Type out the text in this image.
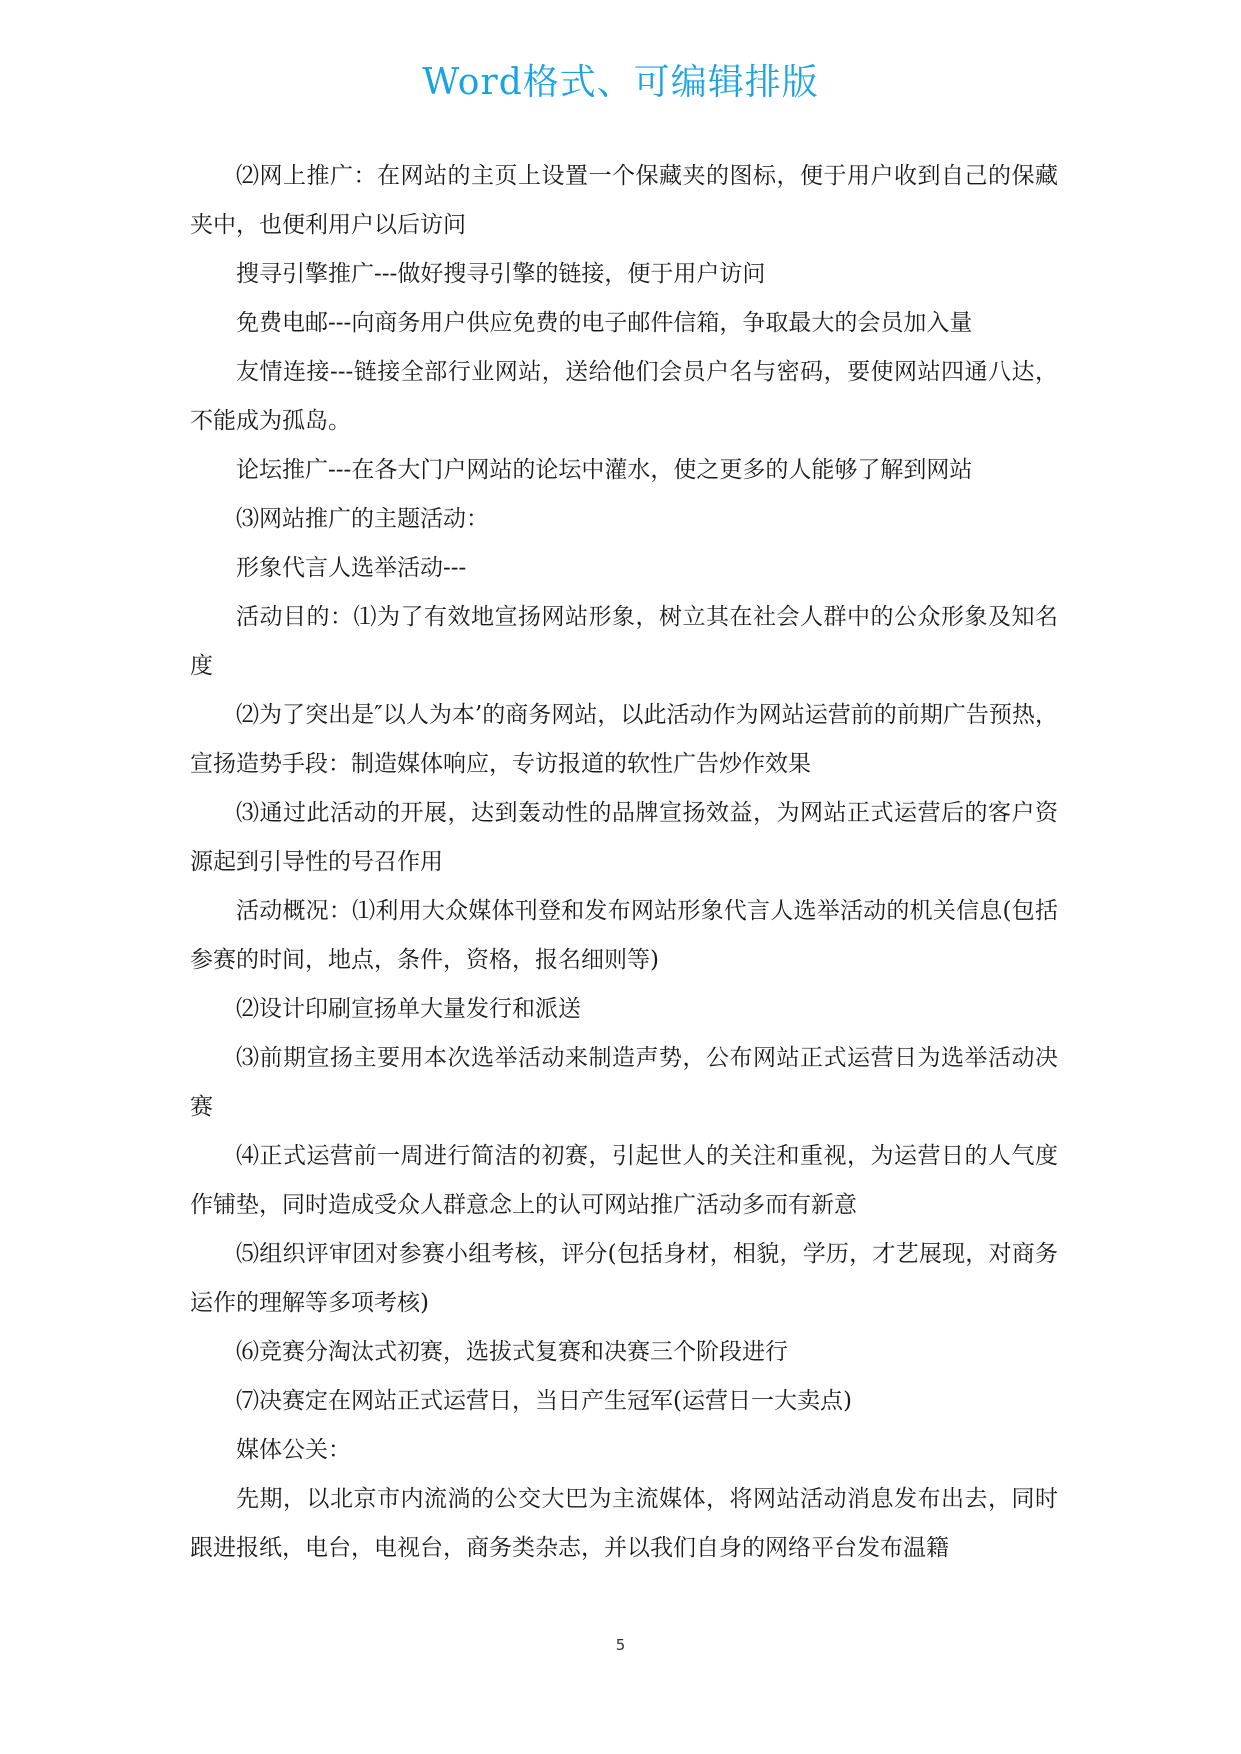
Word格式、可编辑排版

⑵网上推广：在网站的主页上设置一个保藏夹的图标，便于用户收到自己的保藏夹中，也便利用户以后访问

搜寻引擎推广---做好搜寻引擎的链接，便于用户访问

免费电邮---向商务用户供应免费的电子邮件信箱，争取最大的会员加入量

友情连接---链接全部行业网站，送给他们会员户名与密码，要使网站四通八达，不能成为孤岛。

论坛推广---在各大门户网站的论坛中灌水，使之更多的人能够了解到网站

⑶网站推广的主题活动：

形象代言人选举活动---

活动目的：⑴为了有效地宣扬网站形象，树立其在社会人群中的公众形象及知名度

⑵为了突出是″以人为本’的商务网站，以此活动作为网站运营前的前期广告预热，宣扬造势手段：制造媒体响应，专访报道的软性广告炒作效果

⑶通过此活动的开展，达到轰动性的品牌宣扬效益，为网站正式运营后的客户资源起到引导性的号召作用

活动概况：⑴利用大众媒体刊登和发布网站形象代言人选举活动的机关信息(包括参赛的时间，地点，条件，资格，报名细则等)

⑵设计印刷宣扬单大量发行和派送

⑶前期宣扬主要用本次选举活动来制造声势，公布网站正式运营日为选举活动决赛

⑷正式运营前一周进行简洁的初赛，引起世人的关注和重视，为运营日的人气度作铺垫，同时造成受众人群意念上的认可网站推广活动多而有新意

⑸组织评审团对参赛小组考核，评分(包括身材，相貌，学历，才艺展现，对商务运作的理解等多项考核)

⑹竞赛分淘汰式初赛，选拔式复赛和决赛三个阶段进行

⑺决赛定在网站正式运营日，当日产生冠军(运营日一大卖点)

媒体公关：

先期，以北京市内流淌的公交大巴为主流媒体，将网站活动消息发布出去，同时跟进报纸，电台，电视台，商务类杂志，并以我们自身的网络平台发布温籍

5
